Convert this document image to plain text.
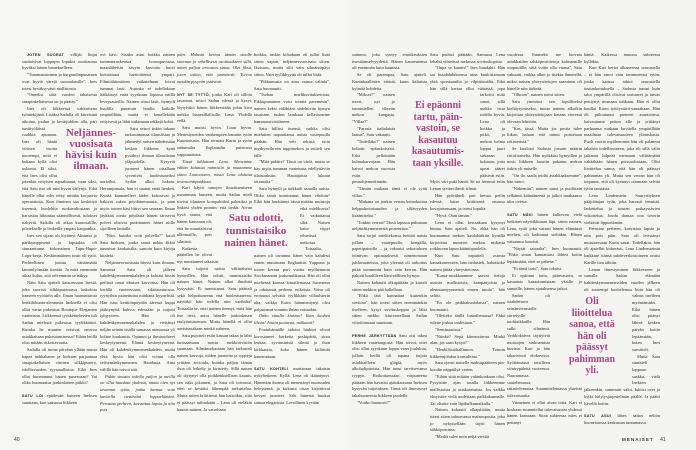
40	MENAISET 41

JOTEN SUORAT villijät linjat saattaisivat loppujen lopuksi osoittautua hyväksi hänen bisnekselleen.

"Tummansininen ja burgundinpunainen ovat hyviä värejä suomalaisille", Ines totesi hyväksyvästi mallistosta.

"Onneksi siitä vuoden takaisesta sinapinkeltaisesta on jo päästy."

Ines oli liikkeessä vakituisena työntekijänä. Lisäksi Sadulla oli kiireisinä aikoina, joulun ja kevätjuhlien alla, pari tuntityöläistä ruuhkia apunaan. Ines oli häntä viitisen vuotta nuorempi, mitä ei kukaan kyllä olisi uskonut. Ei siksi, että Ines olisi ollut jotenkin erityisen rupsahtanut, vaan siksi, että Satu itse oli niin hyvin säilynyt. Eikä hänelle ollut edes tehty mitään korjaavia operaatioita. Kun ihminen saa keskittyä itseensä, huolehtia ruokavaliostaan ja harrastaa liikuntaa säännöllisesti, tulokset näkyvät. Sadulla oli aikaa kuntosalille, pilatekselle ja lenkeille ympäri kaupunkia.

Ines sen sijaan oli löytänyt Aksunsa jo parikymppisenä ja lapsiakin oli siunaantunut kokonainen Tupu-Hupu-Lupu-kerja. Keskimmäinen tosin oli tyttö. Perheellinen joutuu väistämättä laiminlyömään itseään. Ja mitä enemmän aikaa kuluu, sitä selvemmin se näkyy.

Näin Satu ajatteli katsoessaan Inestä, joka suoristi silkkipuseronsa laskoksia hameen vyötärön alle. Ilman huomattavaa henkilökunta-alennusta Ineksellä ei olisi ollut varaa pukeutua Boutique Eleganten vaatteisiin. Liikkeessä työskentelevien tuli Sadun mielestä pukeutua tyylikkäästi. Kuinka he muuten voisivat neuvoa asiakkaitaan pukeutumisessa? Eihän heillä olisi mitään uskottavuutta.

Sadulla oli tuona päivänä yllään musta kapea nahkahame ja Ineksen parjaamaa sinapinkeltaisen värinen silkkipusero, edellisvuoden syysmallistoa. Eikö Ines ollut huomannut hänen puseroaan? Vai oliko huomautus jonkinlainen piikki?

SATU LOI epäilevän katseen Ineksen suuntaan, kun samassa liikkeen

ovi kävi. Sisään astui hoikka nainen tummanruskeassa housupuvussa, maanläheisin sävyin kuvioitu huivi kietaistuna hartioittensa ympäri. Filmitähtimäisen vaikutelman loivat tummat lasit. Aurinko ei todellakaan häikäissyt enää syyskuun lopussa näillä leveysasteilla. Nainen riisui lasit, hymyili huulilla punatuin huulin kaikille ympärillään, mutta ei kenellekään erityisesti ja lähti tutkimaan rekkejä kohti.

Satu seisoi tiskin takana tarkastamassa tilauslistaa ja jähmettyi naisen nähdessään kesken liikkeen: kynä pysähtyi ilmaan tilauslistan yläpuolella. Kysyvät juonteet hänen otsallaan syvenivät huolestuneiksi uurteiksi. Sydän alkoi hakata. Herranjumala, hän ei saanut enää henkeä. Kynää kannatelleet kädet kohosivat ja hakivat tukea pöydänreunasta, ja pian myös toinen käsi liittyi sen seuraan. Ilman jäykkää otetta pöydästä hänen tärisevät polvet olisivat pudottaneet hänet niille sijoilleen lattialle.

"Niin, kuinka voin palvella?" kuuli Satu Ineksen, jonka sanat nekin äkkiä tuntuivat kaukaisilta, samoin kuin kirjoja kitaleki.

Neljännesvuosisata hävisi kuin ilmaan. Samassa Satu oli jälleen kahdenkymmenenkahden ja kohtasi hissin peilissä omat itkuiset kasvonsa. Hän oli kerällä vuoteessaan, sikiöasennossa, tyynyihin painettuina märkänä kyynelistä. Hän istui keittiönpöydän ääressä kuppi jäähtynyttä kahvia edessään ja tuijotti tyhjyyteen. Hän oli kahdenkymmenenkahden ja viettänyt neljän seinän sisällä samassa asennossa yli kolme kuukautta. Opinnot ja ihmissuhteet keskeytyneenä. Elämä keskeytyneenä. Hän oli kahdenkymmenenkahden, mutta yhtä hyvin hän olisi voinut olla seitsemänkymmenen. Haudassa. Aina välillä hän toivoi sitä.

Pidän sinusta todella paljon ja meillä on ollut hauskaa yhdessä, mutta olen nyt tavannut tytön, jonka kanssa voin kuvitella viettäväni loppuelämäni. Perustaa perheen, kasvattaa lapsia ja niin pois

päin. Halusin kertoa tämän sinulle suoraan ja rehellisesti osoittaakseni sillä, miten paljon arvostan sinua. Olet fiksu, joten uskon, että ymmärrät. Toivon meidän pysyvän ystävinä.

NYT SE TYTTÖ, jonka Kari oli silloin tavannut, seisoi Sadun edessä ja kysyi, löytyisikö hänen liikkeestään jokin kiva mekko bisnesillallisille. Lena. Yhdellä eellä.

Satu muisti hyvin. Liian hyvin. Menestyneiden vanhempien kauniin tytön Kauniaisista. Hän törmäsi Karin ja tytön sattumalta Esplanadin puistossa vappuaattona.

Tässä kihlattuni Lena. Menemme vähän kuluttua naimisiin ja muutamme sitten Lontooseen, missä Lena aloittaa investointipankissa.

Kari käytti sanojen ilmoittamiseen useamman lauseen, mutta Sadun mieli tiivisti tilanteen kompaktiksi paketiksi ja linkosi yhden pointin: että tiedät. Aivan hyvä sanoa, että hänen kanssaan oli, että he muuttaisivat ulkomaille, pois silmistä.

Kaikesta päätellen he olivat nyt muuttaneet takaisin.

Satu tuijotti naista väkinäisesti hymyillen. Hän odotti, tunnistaisiko nainen hänet. Nainen alkoi ilmehtiä kysyvästi. Ei tunnistanut. Satu päätteli sekä helpottuneena että huolestuneena: näyttikö hän todella niin vanhalta? Toisaalta se, ettei nainen tiennyt, mitä hän itse tiesi, antoi hänelle jonkinlaisen etulyöntiaseman. Mutta hänellä ei ollut aavistustakaan minkä suhteen.

Satu pujotteli esiin kassan takaa ja lähti luotsaamaan naista mekkorivistön suuntaan. Silmänurkastaan hän tarkasteli naisen kasvoja, niiden juonteita ja ryppyjä yrittäen arvioida, kuinka paljon tämän ihoa oli leikelty ja kiristetty. Sillä naisen oli täytynyt olla poikkeuksellisen kaunis, sen näki jokainen, ja Satu oli toivonut, ettei se kestäisi lähempää tarkastelua. Mutta miten kriittisesti hän katsoikin, siitä ei päässyt mihinkään – Lena oli vieläkin kaunis nainen. Ja varreltaan

hoikka, tuskin kiloakaan oli tullut lisää sitten vapun, neljännesvuosisata sitten. Ikuisuus, mutta silti vain silmänräpäys sitten. Vain tyylikkyyttä oli tullut lisää.

"Pikkumusta on aina varma valinta", Satu huomautti.

"Turhan mielikuvituksetonta. Pikkupunainen voisi toimia paremmin", nainen keksi välähtäen sädehtivän hymyn tasaisine, tuskin lainkaan kellastuneine hammasrivistöineen.

Satu hillitsi itsensä, vaikka olisi mieluiten napauttanut naista vastepuolla päähän. Hän veti rekistä esiin myrkynvihreän tuppimekon ja esitteli sen tälle.

"Mitä pidätte? Tässä on väriä, mutta se käy myös tumman vaatetusta edellyttäviin tilaisuuksiin. Hautajaisia lukuun ottamatta."

Satu hymyili ja tarkkaili samalla naista. Oliko tämä tunnistanut hänet vihdoin? Eikö hän herättänyt tässä mitään muistoja eikä mielikuvia? Ei vaikuttanut siltä. Naisen katse viipyi vihreässä mekossa.

Toisaalta, nainen oli tavannut hänet vain kahdesti ennen muuttoaan Englantiin. Vappuna ja toisen kerran pari vuotta myöhemmin Stockmannin jouluruuhkassa. Hän oli ollut miehensä kanssa lomailemassa Suomessa ja odottanut perheen esikoista. Vatsa oli erottunut selvästi tyylikkään villaulsterin alta, vaikka Karin hämmentynyt olisi paljastanut voinnin ilman vatsaakin.

Onko sinulla kiusmo? Ihan kauhea lihoin! Jotain juotavaa, rakkaani?

Poninhännälle sidotut hiukset olivat korostaneet korkeita poskipäitä, siroa leukaa, syvänsinisiä silmiä ja ihon kirkkautta, koko hänen kiiltävää kauneuttaan.

SATU KOHTELI muistoaan takaisin nykyhetkeen. Kyllä, Lena oli ikääntynyt. Hänenkin ihonsa oli menettänyt nuoruuden heleytensä, ja kirkasta otsaa kirjoittivat kevyet juonteet. Silti hänestä huokui samaa eleganssia. Levollinen kyvään

Neljännes-
vuosisata
hävisi kuin
ilmaan.
Satu odotti,
tunnistaisiko
nainen hänet.

sainnon, joka syntyy etuoikeuksien itsestäänselvyydestä. Hänen kauneutensa oli enemmän kuin kaunista.

Se oli parempaa, Satu ajatteli. Kuninkaallisten etäistä, kuun kaltaista kylmää hohdetta.

"Mikset?" nainen totesi, nyt jo tunnustellen vihreän mekon kangasta. "Villaa?"

"Parasta italialaista laatua", Satu vakuutti.

"Todellako?" nainen kohotti epäuskoisesti. Eikä pelkästään kulmakarvojaan. Hän kaivoi mekon vuorista esiin pesuohjemerkinnän.

"Tämän mukaan tämä ei ole tyttä villaa."

"Mukana on jonkin verran keinokuitua helppohoitoisuuden ja siliävyyden lisäämiseksi."

"Jonkin verran? Tässä lapussa puhutaan neljästäkymmenestä prosentista."

Satu torjui mielitekonsa heittää naista jollain – vaatepuulla, kengällä, paperipainolla – ja vakuutti sekoituksen toimivan optimaalisesti nimenomaan juhlavaatteissa, joita yleensä oli tarkoitus pitää useammin kuin vain kerran. Hän pakotti huulilleen kärsivällisen hymyn.

Nainen kohautti olkapäitään ja katseli sitten mekkoa pää kallellaan.

"Ehkä tätä kannattaa kuitenkin sovittaa", hän totesi sitten enemmänkin itselleen, kysyi sovituskoppia ja lähti sitten mekko käsivarrellaan Sadun viitoittamaan suuntaan.

PERHE JÄRKYTTÄÄN Satu otti tukea liikkeen vaatetangosta. Hän toivoi, ettei olisi ollut syyskuun loppu vaan joulukuu, jolloin heillä oli tapana tarjota asiakkailleen glögiä, myös alkoholipitoista. Hän tunsi tarvitsevansa ryypyn. Roikottaessaan voipuneena päätään hän havaitsi ajatuksissaan Ineksen kysyvän tuijotuksen. Tämä oli ilmestynyt takahuoneesta liikkeen puolelle.

"Voitko huonosti?"

Satu pudisti päätään. Samassa Lena lehahti vihreässä mekossa sovituskopista.

"Onpa se kaunis!" Ines huudahti. Hän sai huudahduksensa aina kuulostamaan yhtä spontaanilta ja vilpittömältä. Eikä hän sillä kertaa ollut väärässä, jopa tarkoitti mitä sanoi, sillä mekko istui todella hyvin. Lena oli hoikka ja pitkä, ja mekon helma loppui juuri sirkeaan kohtaan, jotta upeat sääret pääsivät esiin. Myös väri puki häntä. Se toi hienosti esiin Lenan syvänvihreät silmät.

Hän pyörähteli pari kertaa peilin edessä, katse kriittisenä omassa kuvajaisessaan, ja totesi lopulta:

"Hyvä. Otan tämän."

Lena ei ollut kertaakaan kysynyt hintaa, Satu ajatteli. No, ehkä hän oli huomannut mekon kaulakärkiin kynällä kirjoitetut numerot mekon niskasta roikkuvan lapun kääntöpuolella.

Kun Satu naputteli ostosta kassakoneeseen, hän tiedusteli, haluaisiko nainen jättää yhteystietonsa.

"Kanta-asiakkaamme saavat tietoja uusista mallistoista, kampanjoista ja alennusmyynneistä ennen muita", hän selitti.

"En ole paikkakuntalaisia", nainen huomautti.

"Oletteko täällä lomailemassa? Ehkä tulette joskus uudestaan."

"Seminaarissa."

"Niinkö? Sepä kiinnostavaa. Minkä alan, jos saan kysyä?"

"Henkilöstöhallinnon. Toimin liikkeenjohdon konsulttina."

Satu ojensi naiselle maksupäätteen pin-koodin näppäilyä varten.

"Eihän siitä mitään vahinkoakaan olisi. Pysyisitte ajan tasalla liikkeemme mallistoista ja asiakasetuista. Jos vaikka eksyisitte vielä uudestaan paikkakunnalle. Tai olisitte vain läpikulkumatkalla."

Nainen kohautti olkapäitään, mutta totesi sitten inhoavansa mainospostia, joka jo nykyisellään täytti hänen sähköpostinsa.

"Meiltä tulee noin neljä viestiä

vuodessa. Emmekä me luovuta asiakkaiden sähköpostitietoja kolmansille osapuolille, siitä voitte olla varma", Satu vakuutti, vaikka alkoi jo itsekin ihmetellä, miksi naisen yhteystietojen saaminen oli hänelle niin tärkeää.

"Olkoon", nainen totesi sitten.

Satu ymmärsi sen lopulliseksi kieltäytymiseksi, mutta nainen alkoikin kirjoittaa yhteystietojaan kassan vieressä olevaan lehtiöön.

"Kas, tässä. Mutta jos postia tulee liikaa, haluan että minut poistetaan rekisteristä."

Se kuulosti Sadusta jossain määrin ristiriitaiselta. Hän nyökkäsi hymyillen ja nosti liikkeen kassiin pakatun mekon tiskin yli naiselle.

"On ilo saada teidät asiakkaaksemme", hän sanoi.

"Näkemiin", nainen sanoi ja puolittain selkänsä kääntäneenä ja jatkoi matkaansa ulos ovesta.

SATU NÄKI hänen kulkevan vielä hetkisen näyteikkunan läpi, sitten nainen, Lena, tyttö joka varasti hänen elämänsä miehen, oli kadonnut sieltäkin. Hänen vatsaansa kouristi.

"Näytät sairaalta", Ines huomautti. "Ehkä sinun kannattaisi lähteä kotiin lepäämään, ettei se pahene."

"Ei tämä tartu", Satu tokaisi.

Ei epäonni tartu, päinvastoin, se kasautuu kasautumistaan yksille ja samoille, hänen ajatuksensa jatkoi.

Sadun oli istahdettava seinänvierustalle siirretyille tuolitaikkaille. Hän sulki silmänsä. Verkkokalvot täyttyivät muistojen sinkoamista kuvista. Kari ja hän takarivissä elokuvissa. Syöttämässä toisilleen viinirypäleitä vuoteessa. Nauramassa, suutelemassa, rakastelemassa. Suunnittelemassa yhteistä tulevaisuutta.

Viimeinen ei ollut aivan totta. Kari ei koskaan suunnitellut tulevaisuutta yhdessä hänen kanssaan. Siinä suhteessa mies ei pettänyt

häntä. Kaikessa muussa suhteessa kylläkin.

Kun Kari kertoi alkaneensa seurustella – ei hän sanoi vain tavanneensa tytön, jonka kanssa tahtoi seurustella tositarkoituksella – Sadusta tuntui kuin talot ympärillä olisivat sortuneet ja taivas peittynyt mustaan tuhkaan. Hän ei ollut kuullut Karin tyttöystävä-sanaakaan. Hän oli piiloutunut pieneen asuntoonsa, kaivautunut peiton alle ja yrittänyt parhaansa mukaan kuvitella ympärillään maailman tulevaisuuteen ylimiskasta. Puoli vuotta myöhemmin hän oli palannut takaisin todellisuuteen, joka oli sillä välin jatkanut hilpeää menoaan välittämättä vähääkään hänen poissaolostaan. Olisi liioittelua sanoa, että hän oli päässyt pahimman yli. Mutta sen verran hän oli toipunut, että oli kyennyt ottamaan selvää tytön taustasta.

Lena Lindenstein. Suuryrityksen pääjohtajan tytär, joka harrasti tennistä, laskettelua ja toisten poikaystävien vokottelua. Joudu dansaa oon toverin viehtivät lippuelämän.

Perustaa perheen, kasvattaa lapsia ja niin pois päin. Satu oli irvistänyt muistaessaan Karin sanat. Todellakin, hän oli ajatellut kitkerästi, Lena Lindensteinin kaikkine isänsä suhdeverkostoineen avaisi Karille tien tähtiin.

Lenan ilmestyminen liikkeeseen ja samalla Sadun elämään kahdenkymmenenviiden vuoden jälkeen oli suurempi koettelemus kuin hän oli valmis itselleen myöntämään. Eikä hänen olisi pitänyt lähteä kesken päivän kotiin lepäämään, kuten Ines suositteli.

Mutta Satu sinnitteli loppuun saakka, vielä Ineksen jälkeenkin, sammutti valot, lukitsi ovet ja kytki hälytysjärjestelmän päälle. Ja päätti kävellä kotiin.

SATU ASUI lähes sadan neliön huoneistossa keskustan tuntumassa.

Ei epäonni
tartu, päin-
vastoin, se
kasautuu
kasautumis-
taan yksille.
Oli
liioittelua
sanoa, että
hän oli
päässyt
pahimman
yli.
